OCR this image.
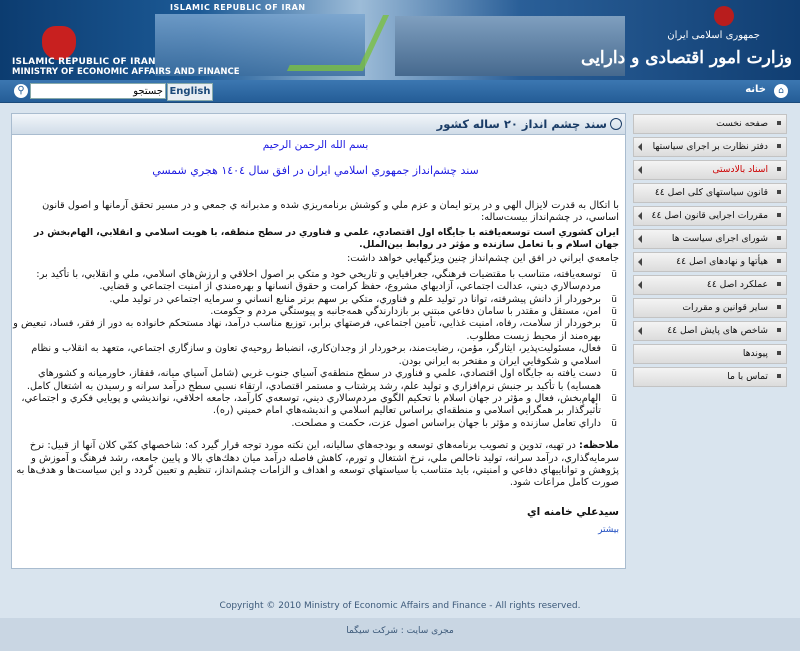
ISLAMIC REPUBLIC OF IRAN
ISLAMIC REPUBLIC OF IRAN
MINISTRY OF ECONOMIC AFFAIRS AND FINANCE
جمهوری اسلامی ایران
وزارت امور اقتصادی و دارایی
⚲
جستجو	English	خانه	⌂
سند چشم انداز ۲۰ ساله کشور
بسم الله الرحمن الرحيم
سند چشم‌انداز جمهوري اسلامي ايران در افق سال ١٤٠٤ هجري شمسي
با اتكال به قدرت لايزال الهي و در پرتو ايمان و عزم ملي و كوشش برنامه‌ريزي شده و مدبرانه ي جمعي و در مسير تحقق آرمانها و اصول قانون اساسي، در چشم‌انداز بيست‌ساله:
ايران كشوري است توسعه‌يافته با جايگاه اول اقتصادي، علمي و فناوري در سطح منطقه، با هويت اسلامي و انقلابي، الهام‌بخش در جهان اسلام و با تعامل سازنده و مؤثر در روابط بين‌الملل.
جامعه‌ي ايراني در افق اين چشم‌انداز چنين ويژگيهايي خواهد داشت:
ü توسعه‌يافته، متناسب با مقتضيات فرهنگي، جغرافيايي و تاريخي خود و متكي بر اصول اخلاقي و ارزش‌هاي اسلامي، ملي و انقلابي، با تأكيد بر: مردم‌سالاري ديني، عدالت اجتماعي، آزاديهاي مشروع، حفظ كرامت و حقوق انسانها و بهره‌مندي از امنيت اجتماعي و قضايي.
ü برخوردار از دانش پيشرفته، توانا در توليد علم و فناوري، متكي بر سهم برتر منابع انساني و سرمايه اجتماعي در توليد ملي.
ü امن، مستقل و مقتدر با سامان دفاعي مبتني بر بازدارندگي همه‌جانبه و پيوستگي مردم و حكومت.
ü برخوردار از سلامت، رفاه، امنيت غذايي، تأمين اجتماعي، فرصتهاي برابر، توزيع مناسب درآمد، نهاد مستحكم خانواده به دور از فقر، فساد، تبعيض و بهره‌مند از محيط زيست مطلوب.
ü فعال، مسئوليت‌پذير، ايثارگر، مؤمن، رضايت‌مند، برخوردار از وجدان‌كاري، انضباط روحيه‌ي تعاون و سازگاري اجتماعي، متعهد به انقلاب و نظام اسلامي و شكوفايي ايران و مفتخر به ايراني بودن.
ü دست يافته به جايگاه اول اقتصادي، علمي و فناوري در سطح منطقه‌ي آسياي جنوب غربي (شامل آسياي ميانه، قفقاز، خاورميانه و كشورهاي همسايه) با تأكيد بر جنبش نرم‌افزاري و توليد علم، رشد پرشتاب و مستمر اقتصادي، ارتقاء نسبي سطح درآمد سرانه و رسيدن به اشتغال كامل.
ü الهام‌بخش، فعال و مؤثر در جهان اسلام با تحكيم الگوي مردم‌سالاري ديني، توسعه‌ي كارآمد، جامعه اخلاقي، نوانديشي و پويايي فكري و اجتماعي، تأثيرگذار بر همگرايي اسلامي و منطقه‌اي براساس تعاليم اسلامي و انديشه‌هاي امام خميني (ره).
ü داراي تعامل سازنده و مؤثر با جهان براساس اصول عزت، حكمت و مصلحت.
ملاحظه: در تهيه، تدوين و تصويب برنامه‌هاي توسعه و بودجه‌هاي ساليانه، اين نكته مورد توجه قرار گيرد كه: شاخصهاي كمّي كلان آنها از قبيل: نرخ سرمايه‌گذاري، درآمد سرانه، توليد ناخالص ملي، نرخ اشتغال و تورم، كاهش فاصله درآمد ميان دهك‌هاي بالا و پايين جامعه، رشد فرهنگ و آموزش و پژوهش و تواناييهاي دفاعي و امنيتي، بايد متناسب با سياستهاي توسعه و اهداف و الزامات چشم‌انداز، تنظيم و تعيين گردد و اين سياست‌ها و هدف‌ها به صورت كامل مراعات شود.
سيدعلي خامنه اي
بيشتر
صفحه نخست
دفتر نظارت بر اجرای سیاستها
اسناد بالادستی
قانون سیاستهای کلی اصل ٤٤
مقررات اجرایی قانون اصل ٤٤
شورای اجرای سیاست ها
هیأتها و نهادهای اصل ٤٤
عملکرد اصل ٤٤
سایر قوانین و مقررات
شاخص های پایش اصل ٤٤
پیوندها
تماس با ما
Copyright © 2010 Ministry of Economic Affairs and Finance - All rights reserved.
مجری سایت : شرکت سیگما
